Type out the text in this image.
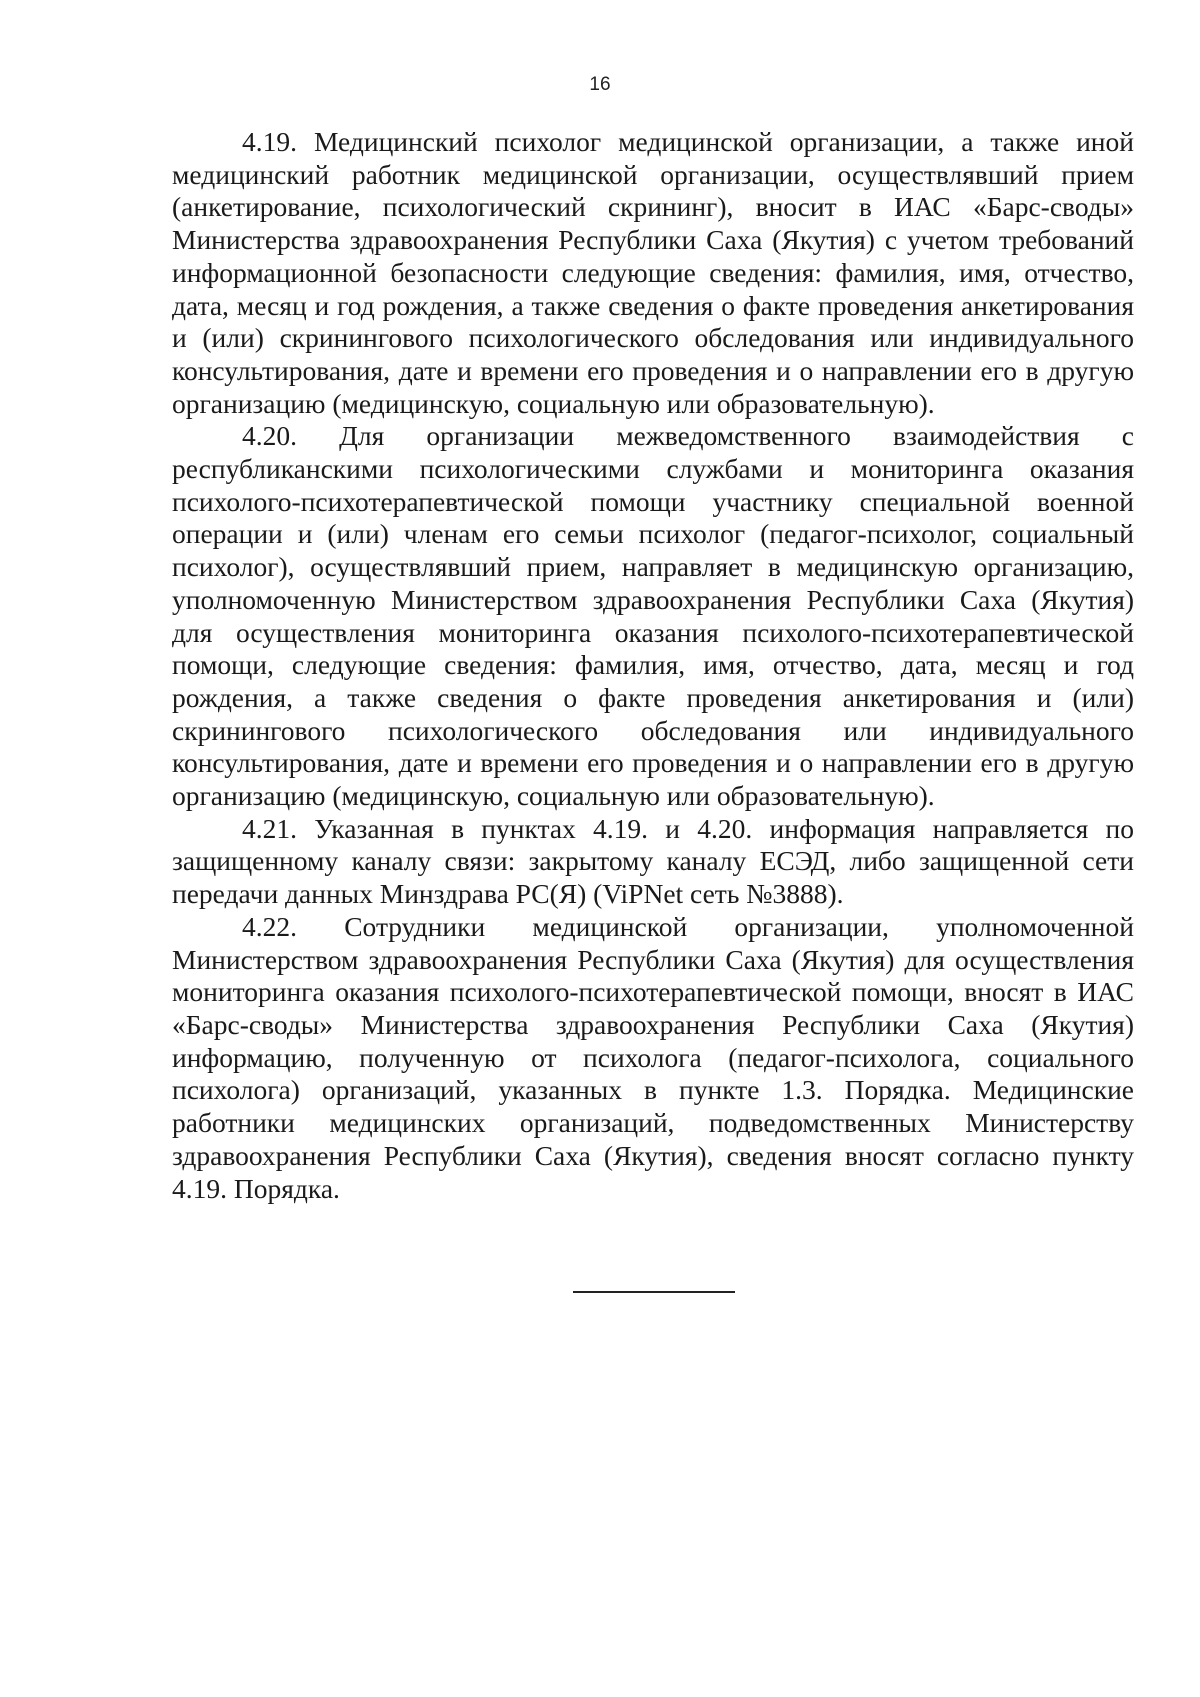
16

4.19. Медицинский психолог медицинской организации, а также иной медицинский работник медицинской организации, осуществлявший прием (анкетирование, психологический скрининг), вносит в ИАС «Барс-своды» Министерства здравоохранения Республики Саха (Якутия) с учетом требований информационной безопасности следующие сведения: фамилия, имя, отчество, дата, месяц и год рождения, а также сведения о факте проведения анкетирования и (или) скринингового психологического обследования или индивидуального консультирования, дате и времени его проведения и о направлении его в другую организацию (медицинскую, социальную или образовательную).

4.20. Для организации межведомственного взаимодействия с республиканскими психологическими службами и мониторинга оказания психолого-психотерапевтической помощи участнику специальной военной операции и (или) членам его семьи психолог (педагог-психолог, социальный психолог), осуществлявший прием, направляет в медицинскую организацию, уполномоченную Министерством здравоохранения Республики Саха (Якутия) для осуществления мониторинга оказания психолого-психотерапевтической помощи, следующие сведения: фамилия, имя, отчество, дата, месяц и год рождения, а также сведения о факте проведения анкетирования и (или) скринингового психологического обследования или индивидуального консультирования, дате и времени его проведения и о направлении его в другую организацию (медицинскую, социальную или образовательную).

4.21. Указанная в пунктах 4.19. и 4.20. информация направляется по защищенному каналу связи: закрытому каналу ЕСЭД, либо защищенной сети передачи данных Минздрава РС(Я) (ViPNet сеть №3888).

4.22. Сотрудники медицинской организации, уполномоченной Министерством здравоохранения Республики Саха (Якутия) для осуществления мониторинга оказания психолого-психотерапевтической помощи, вносят в ИАС «Барс-своды» Министерства здравоохранения Республики Саха (Якутия) информацию, полученную от психолога (педагог-психолога, социального психолога) организаций, указанных в пункте 1.3. Порядка. Медицинские работники медицинских организаций, подведомственных Министерству здравоохранения Республики Саха (Якутия), сведения вносят согласно пункту 4.19. Порядка.
